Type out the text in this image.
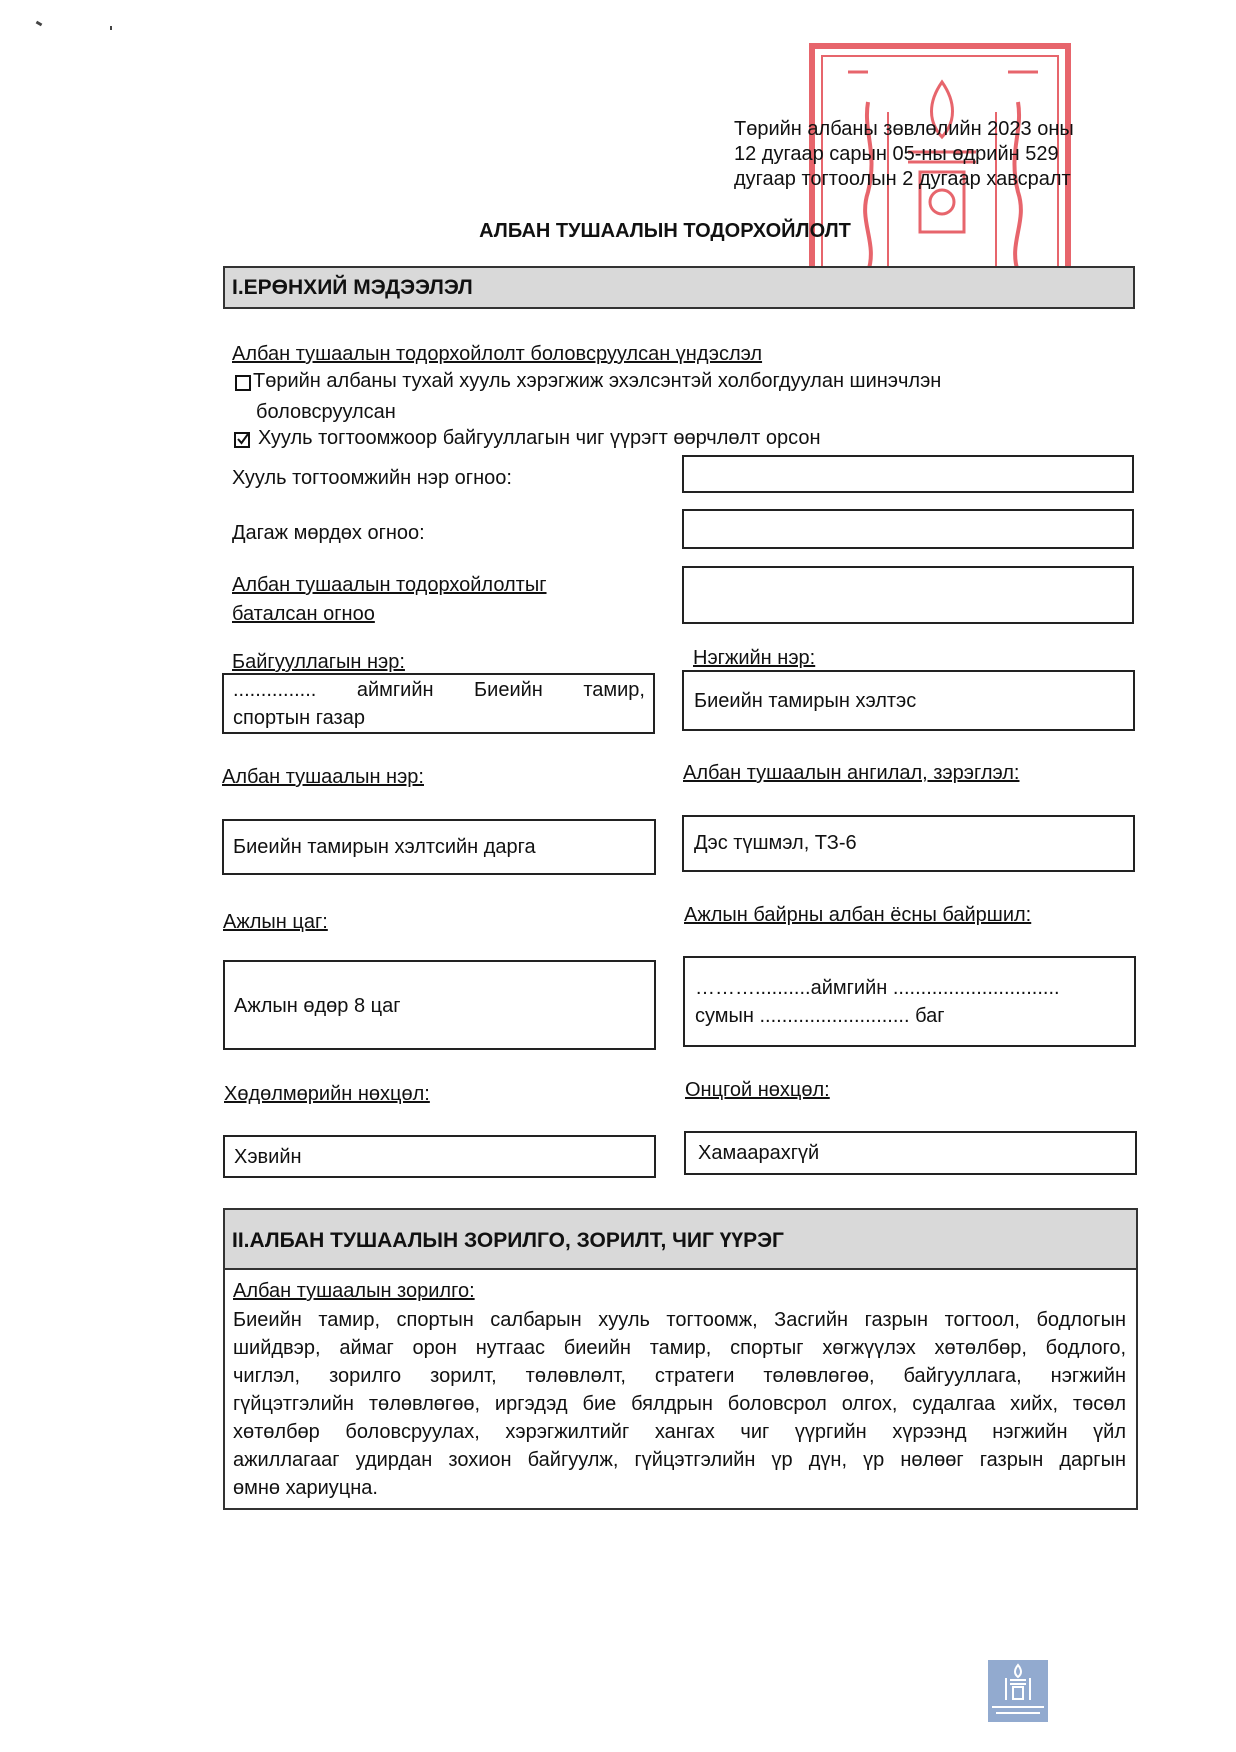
Төрийн албаны зөвлөлийн 2023 оны
12 дугаар сарын 05-ны өдрийн 529
дугаар тогтоолын 2 дугаар хавсралт
АЛБАН ТУШААЛЫН ТОДОРХОЙЛОЛТ
I.ЕРӨНХИЙ МЭДЭЭЛЭЛ
Албан тушаалын тодорхойлолт боловсруулсан үндэслэл
Төрийн албаны тухай хууль хэрэгжиж эхэлсэнтэй холбогдуулан шинэчлэн
боловсруулсан
Хууль тогтоомжоор байгууллагын чиг үүрэгт өөрчлөлт орсон
Хууль тогтоомжийн нэр огноо:
Дагаж мөрдөх огноо:
Албан тушаалын тодорхойлолтыг
баталсан огноо
Байгууллагын нэр:
............... аймгийн Биеийн тамир,
спортын газар
Нэгжийн нэр:
Биеийн тамирын хэлтэс
Албан тушаалын нэр:
Биеийн тамирын хэлтсийн дарга
Албан тушаалын ангилал, зэрэглэл:
Дэс түшмэл, ТЗ-6
Ажлын цаг:
Ажлын өдөр 8 цаг
Ажлын байрны албан ёсны байршил:
………..........аймгийн ..............................
сумын ........................... баг
Хөдөлмөрийн нөхцөл:
Хэвийн
Онцгой нөхцөл:
Хамаарахгүй
II.АЛБАН ТУШААЛЫН ЗОРИЛГО, ЗОРИЛТ, ЧИГ ҮҮРЭГ
Албан тушаалын зорилго:
Биеийн тамир, спортын салбарын хууль тогтоомж, Засгийн газрын тогтоол, бодлогын
шийдвэр, аймаг орон нутгаас биеийн тамир, спортыг хөгжүүлэх хөтөлбөр, бодлого,
чиглэл, зорилго зорилт, төлөвлөлт, стратеги төлөвлөгөө, байгууллага, нэгжийн
гүйцэтгэлийн төлөвлөгөө, иргэдэд бие бялдрын боловсрол олгох, судалгаа хийх, төсөл
хөтөлбөр боловсруулах, хэрэгжилтийг хангах чиг үүргийн хүрээнд нэгжийн үйл
ажиллагааг удирдан зохион байгуулж, гүйцэтгэлийн үр дүн, үр нөлөөг газрын даргын
өмнө хариуцна.
